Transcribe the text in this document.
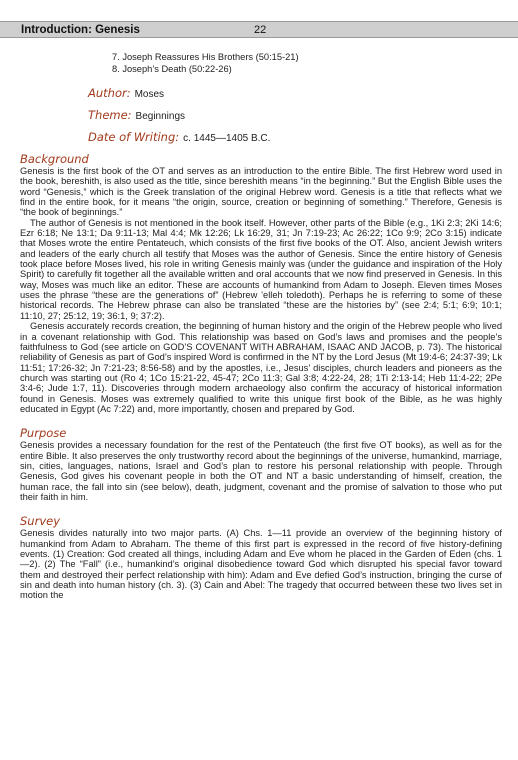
Introduction: Genesis	22
7. Joseph Reassures His Brothers (50:15-21)
8. Joseph’s Death (50:22-26)
Author: Moses
Theme: Beginnings
Date of Writing: c. 1445—1405 B.C.
Background

Genesis is the first book of the OT and serves as an introduction to the entire Bible. The first Hebrew word used in the book, bereshith, is also used as the title, since bereshith means “in the beginning.” But the English Bible uses the word “Genesis,” which is the Greek translation of the original Hebrew word. Genesis is a title that reflects what we find in the entire book, for it means “the origin, source, creation or beginning of something.” Therefore, Genesis is “the book of beginnings.”

The author of Genesis is not mentioned in the book itself. However, other parts of the Bible (e.g., 1Ki 2:3; 2Ki 14:6; Ezr 6:18; Ne 13:1; Da 9:11-13; Mal 4:4; Mk 12:26; Lk 16:29, 31; Jn 7:19-23; Ac 26:22; 1Co 9:9; 2Co 3:15) indicate that Moses wrote the entire Pentateuch, which consists of the first five books of the OT. Also, ancient Jewish writers and leaders of the early church all testify that Moses was the author of Genesis. Since the entire history of Genesis took place before Moses lived, his role in writing Genesis mainly was (under the guidance and inspiration of the Holy Spirit) to carefully fit together all the available written and oral accounts that we now find preserved in Genesis. In this way, Moses was much like an editor. These are accounts of humankind from Adam to Joseph. Eleven times Moses uses the phrase “these are the generations of” (Hebrew ’elleh toledoth). Perhaps he is referring to some of these historical records. The Hebrew phrase can also be translated “these are the histories by” (see 2:4; 5:1; 6:9; 10:1; 11:10, 27; 25:12, 19; 36:1, 9; 37:2).

Genesis accurately records creation, the beginning of human history and the origin of the Hebrew people who lived in a covenant relationship with God. This relationship was based on God’s laws and promises and the people’s faithfulness to God (see article on GOD’S COVENANT WITH ABRAHAM, ISAAC AND JACOB, p. 73). The historical reliability of Genesis as part of God’s inspired Word is confirmed in the NT by the Lord Jesus (Mt 19:4-6; 24:37-39; Lk 11:51; 17:26-32; Jn 7:21-23; 8:56-58) and by the apostles, i.e., Jesus’ disciples, church leaders and pioneers as the church was starting out (Ro 4; 1Co 15:21-22, 45-47; 2Co 11:3; Gal 3:8; 4:22-24, 28; 1Ti 2:13-14; Heb 11:4-22; 2Pe 3:4-6; Jude 1:7, 11). Discoveries through modern archaeology also confirm the accuracy of historical information found in Genesis. Moses was extremely qualified to write this unique first book of the Bible, as he was highly educated in Egypt (Ac 7:22) and, more importantly, chosen and prepared by God.

Purpose

Genesis provides a necessary foundation for the rest of the Pentateuch (the first five OT books), as well as for the entire Bible. It also preserves the only trustworthy record about the beginnings of the universe, humankind, marriage, sin, cities, languages, nations, Israel and God’s plan to restore his personal relationship with people. Through Genesis, God gives his covenant people in both the OT and NT a basic understanding of himself, creation, the human race, the fall into sin (see below), death, judgment, covenant and the promise of salvation to those who put their faith in him.

Survey

Genesis divides naturally into two major parts. (A) Chs. 1—11 provide an overview of the beginning history of humankind from Adam to Abraham. The theme of this first part is expressed in the record of five history-defining events. (1) Creation: God created all things, including Adam and Eve whom he placed in the Garden of Eden (chs. 1—2). (2) The “Fall” (i.e., humankind’s original disobedience toward God which disrupted his special favor toward them and destroyed their perfect relationship with him): Adam and Eve defied God’s instruction, bringing the curse of sin and death into human history (ch. 3). (3) Cain and Abel: The tragedy that occurred between these two lives set in motion the
